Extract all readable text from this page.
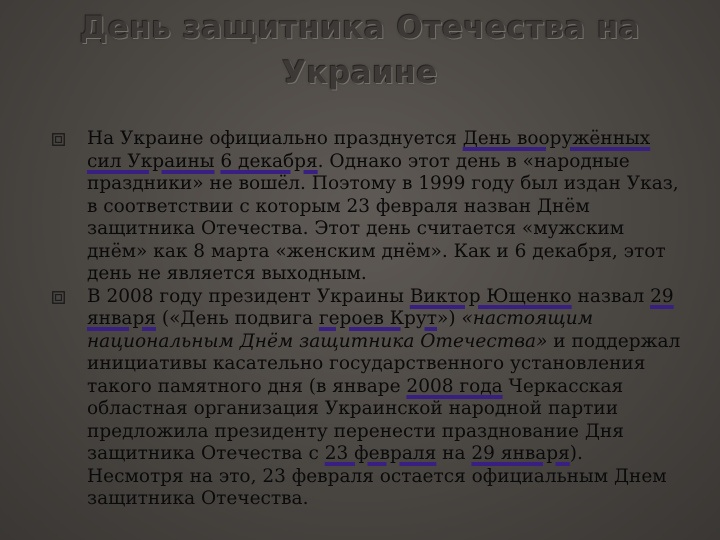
День защитника Отечества на
Украине

На Украине официально празднуется День вооружённых сил Украины 6 декабря. Однако этот день в «народные праздники» не вошёл. Поэтому в 1999 году был издан Указ, в соответствии с которым 23 февраля назван Днём защитника Отечества. Этот день считается «мужским днём» как 8 марта «женским днём». Как и 6 декабря, этот день не является выходным.

В 2008 году президент Украины Виктор Ющенко назвал 29 января («День подвига героев Крут») «настоящим национальным Днём защитника Отечества» и поддержал инициативы касательно государственного установления такого памятного дня (в январе 2008 года Черкасская областная организация Украинской народной партии предложила президенту перенести празднование Дня защитника Отечества с 23 февраля на 29 января). Несмотря на это, 23 февраля остается официальным Днем защитника Отечества.
